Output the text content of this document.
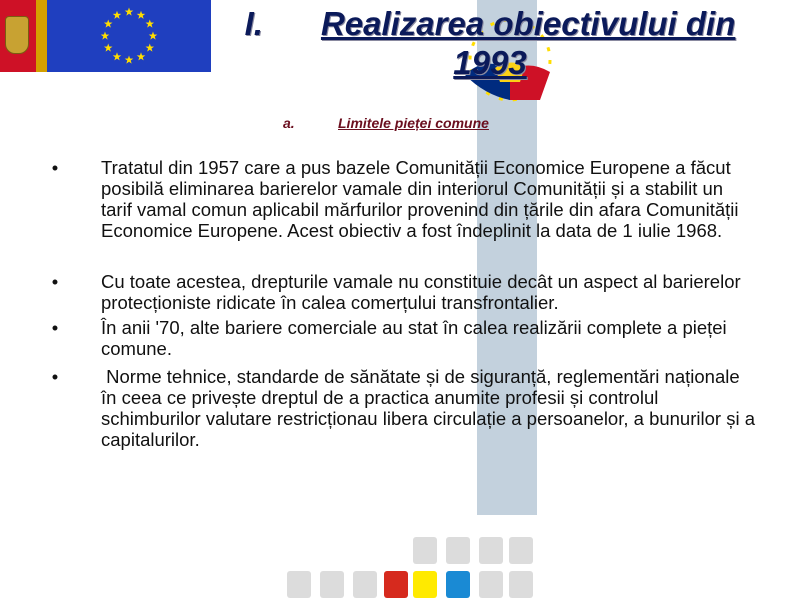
I. Realizarea obiectivului din 1993
a.	Limitele pieței comune
•	Tratatul din 1957 care a pus bazele Comunității Economice Europene a făcut posibilă eliminarea barierelor vamale din interiorul Comunității și a stabilit un tarif vamal comun aplicabil mărfurilor provenind din țările din afara Comunității Economice Europene. Acest obiectiv a fost îndeplinit la data de 1 iulie 1968.
•	Cu toate acestea, drepturile vamale nu constituie decât un aspect al barierelor protecționiste ridicate în calea comerțului transfrontalier.
•	În anii '70, alte bariere comerciale au stat în calea realizării complete a pieței comune.
•	Norme tehnice, standarde de sănătate și de siguranță, reglementări naționale în ceea ce privește dreptul de a practica anumite profesii și controlul schimburilor valutare restricționau libera circulație a persoanelor, a bunurilor și a capitalurilor.
